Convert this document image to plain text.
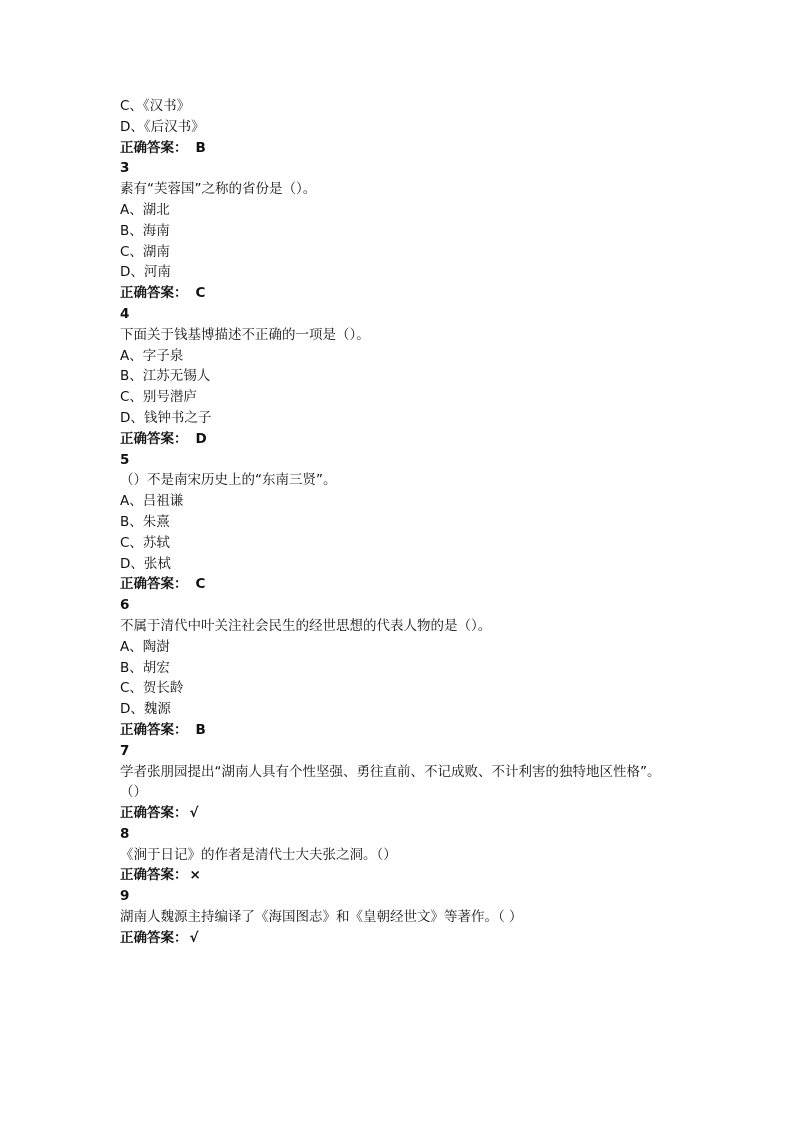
C、《汉书》
D、《后汉书》
正确答案： B
3
素有“芙蓉国”之称的省份是（）。
A、湖北
B、海南
C、湖南
D、河南
正确答案： C
4
下面关于钱基博描述不正确的一项是（）。
A、字子泉
B、江苏无锡人
C、别号潜庐
D、钱钟书之子
正确答案： D
5
（）不是南宋历史上的“东南三贤”。
A、吕祖谦
B、朱熹
C、苏轼
D、张栻
正确答案： C
6
不属于清代中叶关注社会民生的经世思想的代表人物的是（）。
A、陶澍
B、胡宏
C、贺长龄
D、魏源
正确答案： B
7
学者张朋园提出“湖南人具有个性坚强、勇往直前、不记成败、不计利害的独特地区性格”。
（）
正确答案： √
8
《涧于日记》的作者是清代士大夫张之洞。（）
正确答案： ×
9
湖南人魏源主持编译了《海国图志》和《皇朝经世文》等著作。（ ）
正确答案： √
